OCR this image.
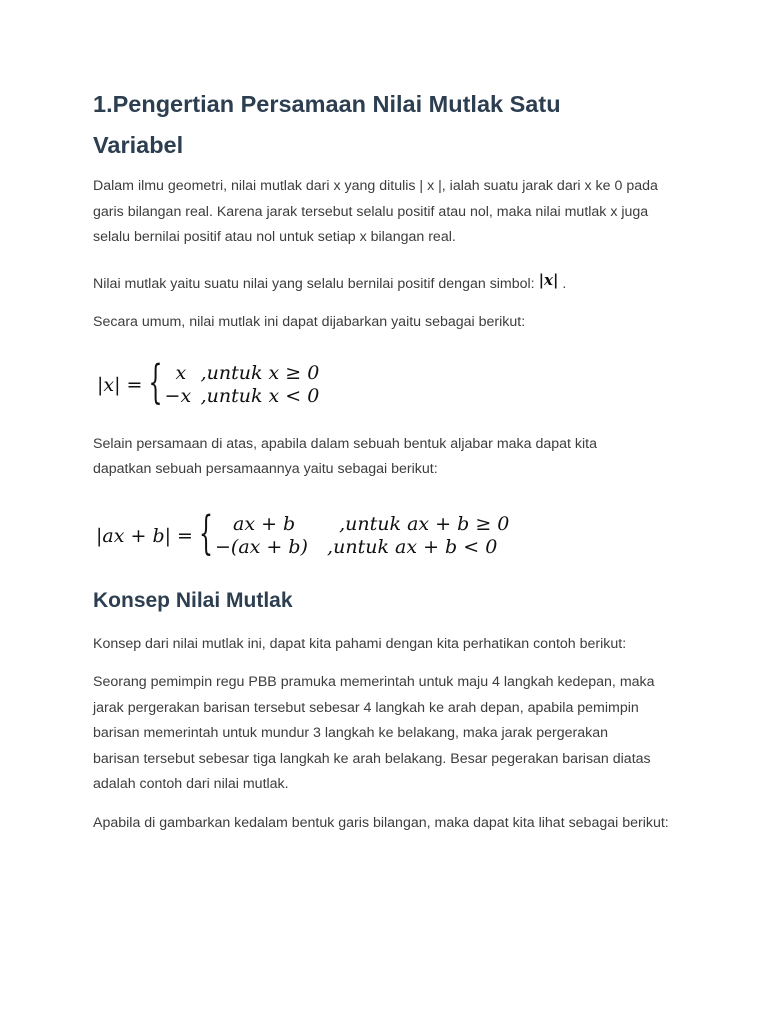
1.Pengertian Persamaan Nilai Mutlak Satu
Variabel

Dalam ilmu geometri, nilai mutlak dari x yang ditulis | x |, ialah suatu jarak dari x ke 0 pada garis bilangan real. Karena jarak tersebut selalu positif atau nol, maka nilai mutlak x juga selalu bernilai positif atau nol untuk setiap x bilangan real.

Nilai mutlak yaitu suatu nilai yang selalu bernilai positif dengan simbol: |x| .

Secara umum, nilai mutlak ini dapat dijabarkan yaitu sebagai berikut:

|x| = { x ,untuk x ≥ 0
−x ,untuk x < 0

Selain persamaan di atas, apabila dalam sebuah bentuk aljabar maka dapat kita dapatkan sebuah persamaannya yaitu sebagai berikut:

|ax + b| = {	ax + b	,untuk ax + b ≥ 0
−(ax + b) ,untuk ax + b < 0
Konsep Nilai Mutlak

Konsep dari nilai mutlak ini, dapat kita pahami dengan kita perhatikan contoh berikut:

Seorang pemimpin regu PBB pramuka memerintah untuk maju 4 langkah kedepan, maka jarak pergerakan barisan tersebut sebesar 4 langkah ke arah depan, apabila pemimpin barisan memerintah untuk mundur 3 langkah ke belakang, maka jarak pergerakan barisan tersebut sebesar tiga langkah ke arah belakang. Besar pegerakan barisan diatas adalah contoh dari nilai mutlak.

Apabila di gambarkan kedalam bentuk garis bilangan, maka dapat kita lihat sebagai berikut:
